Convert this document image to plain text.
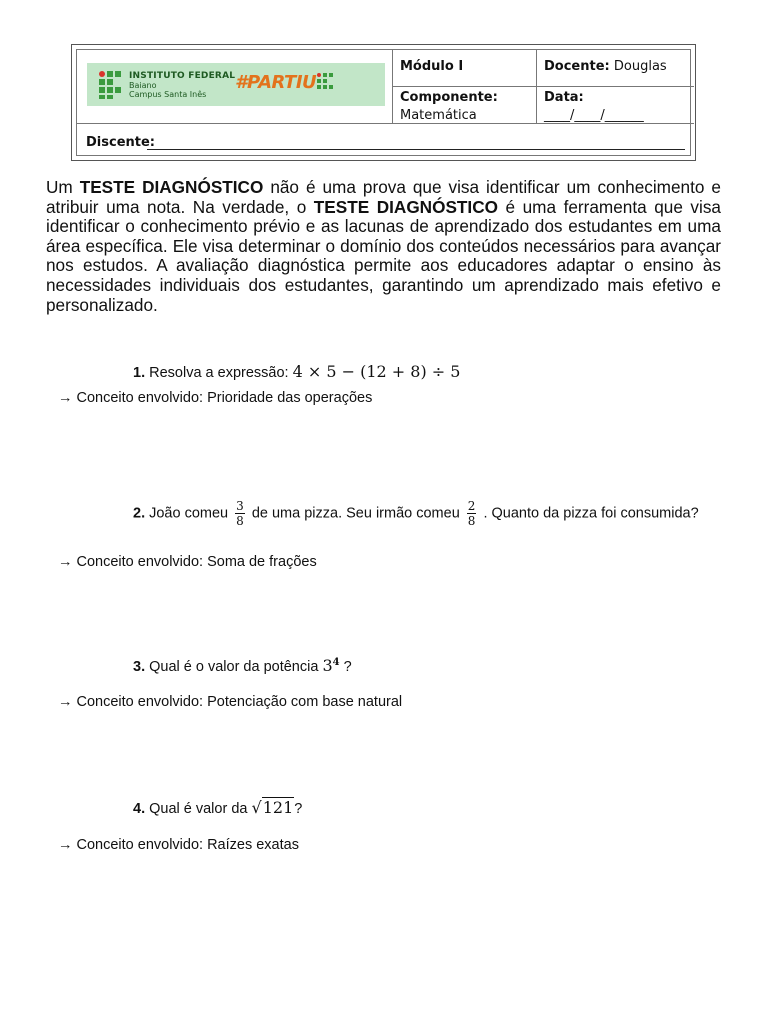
INSTITUTO FEDERAL
Baiano
Campus Santa Inês
#PARTIU
Módulo I	Docente: Douglas
Componente:
Matemática
Data:
____/____/______
Discente:
Um TESTE DIAGNÓSTICO não é uma prova que visa identificar um conhecimento e atribuir uma nota. Na verdade, o TESTE DIAGNÓSTICO é uma ferramenta que visa identificar o conhecimento prévio e as lacunas de aprendizado dos estudantes em uma área específica. Ele visa determinar o domínio dos conteúdos necessários para avançar nos estudos. A avaliação diagnóstica permite aos educadores adaptar o ensino às necessidades individuais dos estudantes, garantindo um aprendizado mais efetivo e personalizado.
1. Resolva a expressão: 4 × 5 − (12 + 8) ÷ 5
→ Conceito envolvido: Prioridade das operações
2. João comeu $\frac{3}{8}$ de uma pizza. Seu irmão comeu $\frac{2}{8}$ . Quanto da pizza foi consumida?
→ Conceito envolvido: Soma de frações
3. Qual é o valor da potência $3^4$ ?
→ Conceito envolvido: Potenciação com base natural
4. Qual é valor da √121?
→ Conceito envolvido: Raízes exatas
